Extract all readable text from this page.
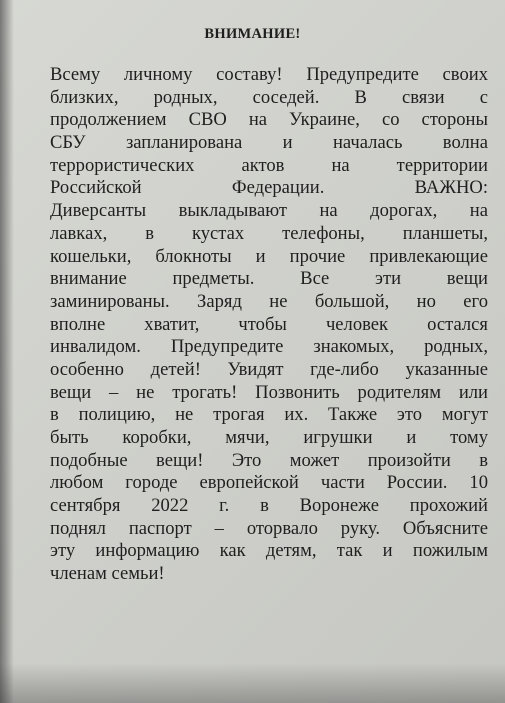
ВНИМАНИЕ!
Всему личному составу! Предупредите своих
близких, родных, соседей. В связи с
продолжением СВО на Украине, со стороны
СБУ запланирована и началась волна
террористических актов на территории
Российской Федерации. ВАЖНО:
Диверсанты выкладывают на дорогах, на
лавках, в кустах телефоны, планшеты,
кошельки, блокноты и прочие привлекающие
внимание предметы. Все эти вещи
заминированы. Заряд не большой, но его
вполне хватит, чтобы человек остался
инвалидом. Предупредите знакомых, родных,
особенно детей! Увидят где-либо указанные
вещи – не трогать! Позвонить родителям или
в полицию, не трогая их. Также это могут
быть коробки, мячи, игрушки и тому
подобные вещи! Это может произойти в
любом городе европейской части России. 10
сентября 2022 г. в Воронеже прохожий
поднял паспорт – оторвало руку. Объясните
эту информацию как детям, так и пожилым
членам семьи!
